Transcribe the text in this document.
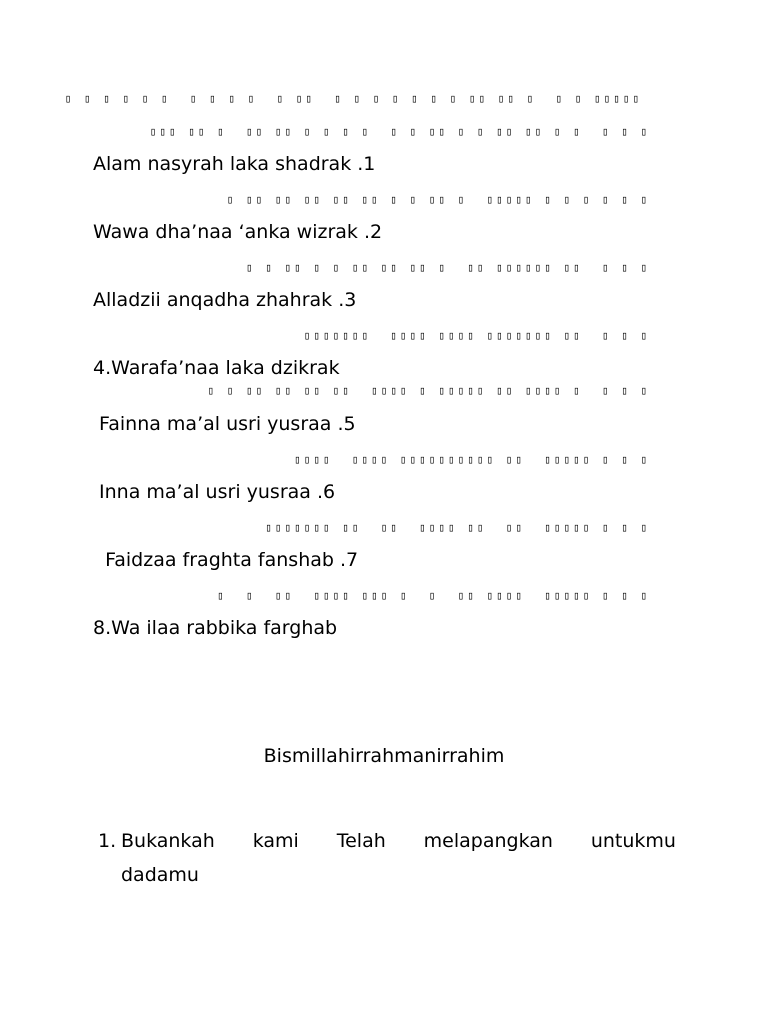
▯ ▯ ▯ ▯ ▯ ▯  ▯ ▯ ▯ ▯  ▯ ▯▯  ▯ ▯ ▯ ▯ ▯ ▯ ▯ ▯▯ ▯▯ ▯  ▯ ▯ ▯▯▯▯▯
▯▯▯ ▯▯ ▯  ▯▯ ▯▯ ▯ ▯ ▯ ▯  ▯ ▯ ▯▯ ▯ ▯ ▯▯ ▯▯ ▯ ▯  ▯ ▯ ▯
Alam nasyrah laka shadrak .1
▯ ▯▯ ▯▯ ▯▯ ▯▯ ▯▯ ▯ ▯ ▯▯ ▯  ▯▯▯▯▯ ▯ ▯ ▯ ▯ ▯ ▯
Wawa dha’naa ‘anka wizrak .2
▯ ▯ ▯▯ ▯ ▯ ▯▯ ▯▯ ▯▯ ▯  ▯▯ ▯▯▯▯▯▯ ▯▯  ▯ ▯ ▯
Alladzii anqadha zhahrak .3
▯▯▯▯▯▯▯  ▯▯▯▯ ▯▯▯▯ ▯▯▯▯▯▯▯ ▯▯  ▯ ▯ ▯
4.Warafa’naa laka dzikrak
▯ ▯ ▯▯ ▯▯ ▯▯ ▯▯  ▯▯▯▯ ▯ ▯▯▯▯▯ ▯▯ ▯▯▯▯ ▯  ▯ ▯ ▯
Fainna ma’al usri yusraa .5
▯▯▯▯  ▯▯▯▯ ▯▯▯▯▯▯▯▯▯▯ ▯▯  ▯▯▯▯▯ ▯ ▯ ▯
Inna ma’al usri yusraa .6
▯▯▯▯▯▯▯ ▯▯  ▯▯  ▯▯▯▯ ▯▯  ▯▯  ▯▯▯▯▯ ▯ ▯ ▯
Faidzaa fraghta fanshab .7
▯  ▯  ▯▯  ▯▯▯▯ ▯▯▯ ▯  ▯  ▯▯ ▯▯▯▯  ▯▯▯▯▯ ▯ ▯ ▯
8.Wa ilaa rabbika farghab
Bismillahirrahmanirrahim
1. Bukankah kami Telah melapangkan untukmu
dadamu
